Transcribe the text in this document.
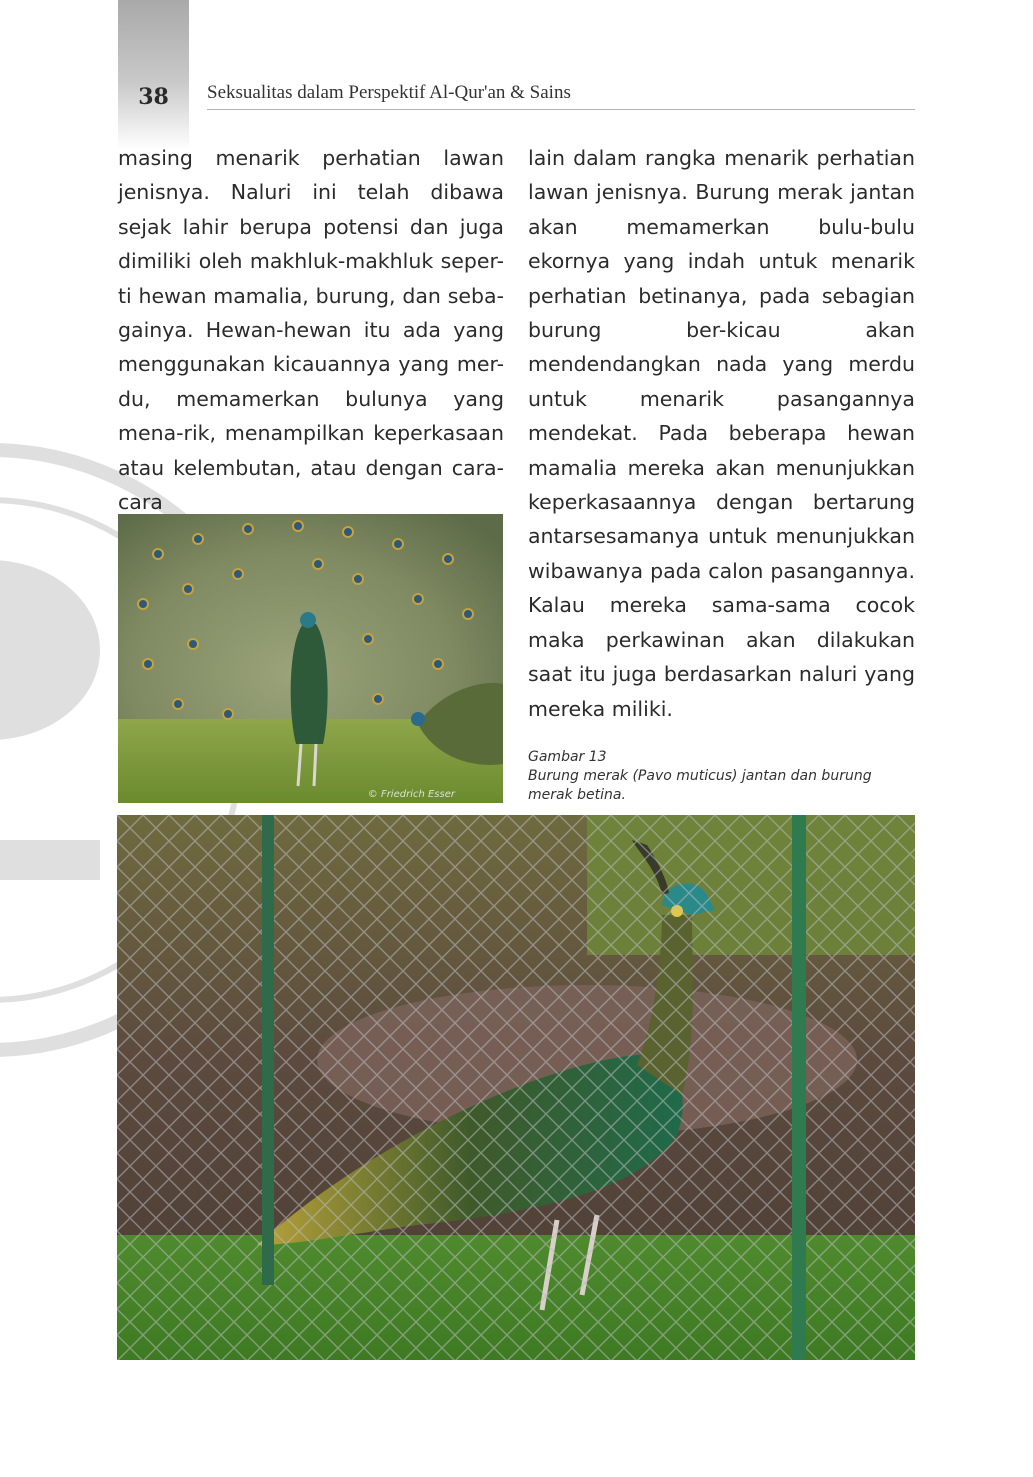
38	Seksualitas dalam Perspektif Al-Qur'an & Sains

masing menarik perhatian lawan jenisnya. Naluri ini telah dibawa sejak lahir berupa potensi dan juga dimiliki oleh makhluk-makhluk seper-ti hewan mamalia, burung, dan seba-gainya. Hewan-hewan itu ada yang menggunakan kicauannya yang mer-du, memamerkan bulunya yang mena-rik, menampilkan keperkasaan atau kelembutan, atau dengan cara-cara

lain dalam rangka menarik perhatian lawan jenisnya. Burung merak jantan akan memamerkan bulu-bulu ekornya yang indah untuk menarik perhatian betinanya, pada sebagian burung ber-kicau akan mendendangkan nada yang merdu untuk menarik pasangannya mendekat. Pada beberapa hewan mamalia mereka akan menunjukkan keperkasaannya dengan bertarung antarsesamanya untuk menunjukkan wibawanya pada calon pasangannya. Kalau mereka sama-sama cocok maka perkawinan akan dilakukan saat itu juga berdasarkan naluri yang mereka miliki.

© Friedrich Esser
Gambar 13
Burung merak (Pavo muticus) jantan dan burung merak betina.
